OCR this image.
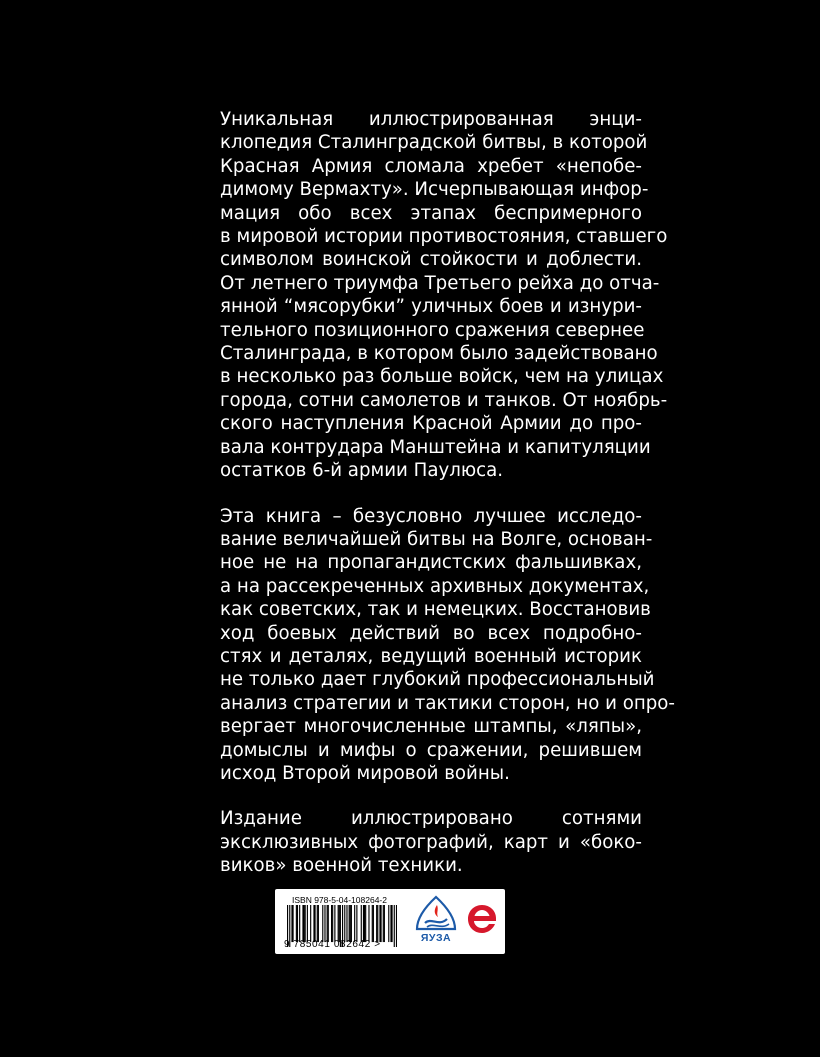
Уникальная иллюстрированная энци-
клопедия Сталинградской битвы, в которой
Красная Армия сломала хребет «непобе-
димому Вермахту». Исчерпывающая инфор-
мация обо всех этапах беспримерного
в мировой истории противостояния, ставшего
символом воинской стойкости и доблести.
От летнего триумфа Третьего рейха до отча-
янной “мясорубки” уличных боев и изнури-
тельного позиционного сражения севернее
Сталинграда, в котором было задействовано
в несколько раз больше войск, чем на улицах
города, сотни самолетов и танков. От ноябрь-
ского наступления Красной Армии до про-
вала контрудара Манштейна и капитуляции
остатков 6-й армии Паулюса.

Эта книга – безусловно лучшее исследо-
вание величайшей битвы на Волге, основан-
ное не на пропагандистских фальшивках,
а на рассекреченных архивных документах,
как советских, так и немецких. Восстановив
ход боевых действий во всех подробно-
стях и деталях, ведущий военный историк
не только дает глубокий профессиональный
анализ стратегии и тактики сторон, но и опро-
вергает многочисленные штампы, «ляпы»,
домыслы и мифы о сражении, решившем
исход Второй мировой войны.

Издание иллюстрировано сотнями
эксклюзивных фотографий, карт и «боко-
виков» военной техники.

ISBN 978-5-04-108264-2
9 785041 082642 >
ЯУЗА
